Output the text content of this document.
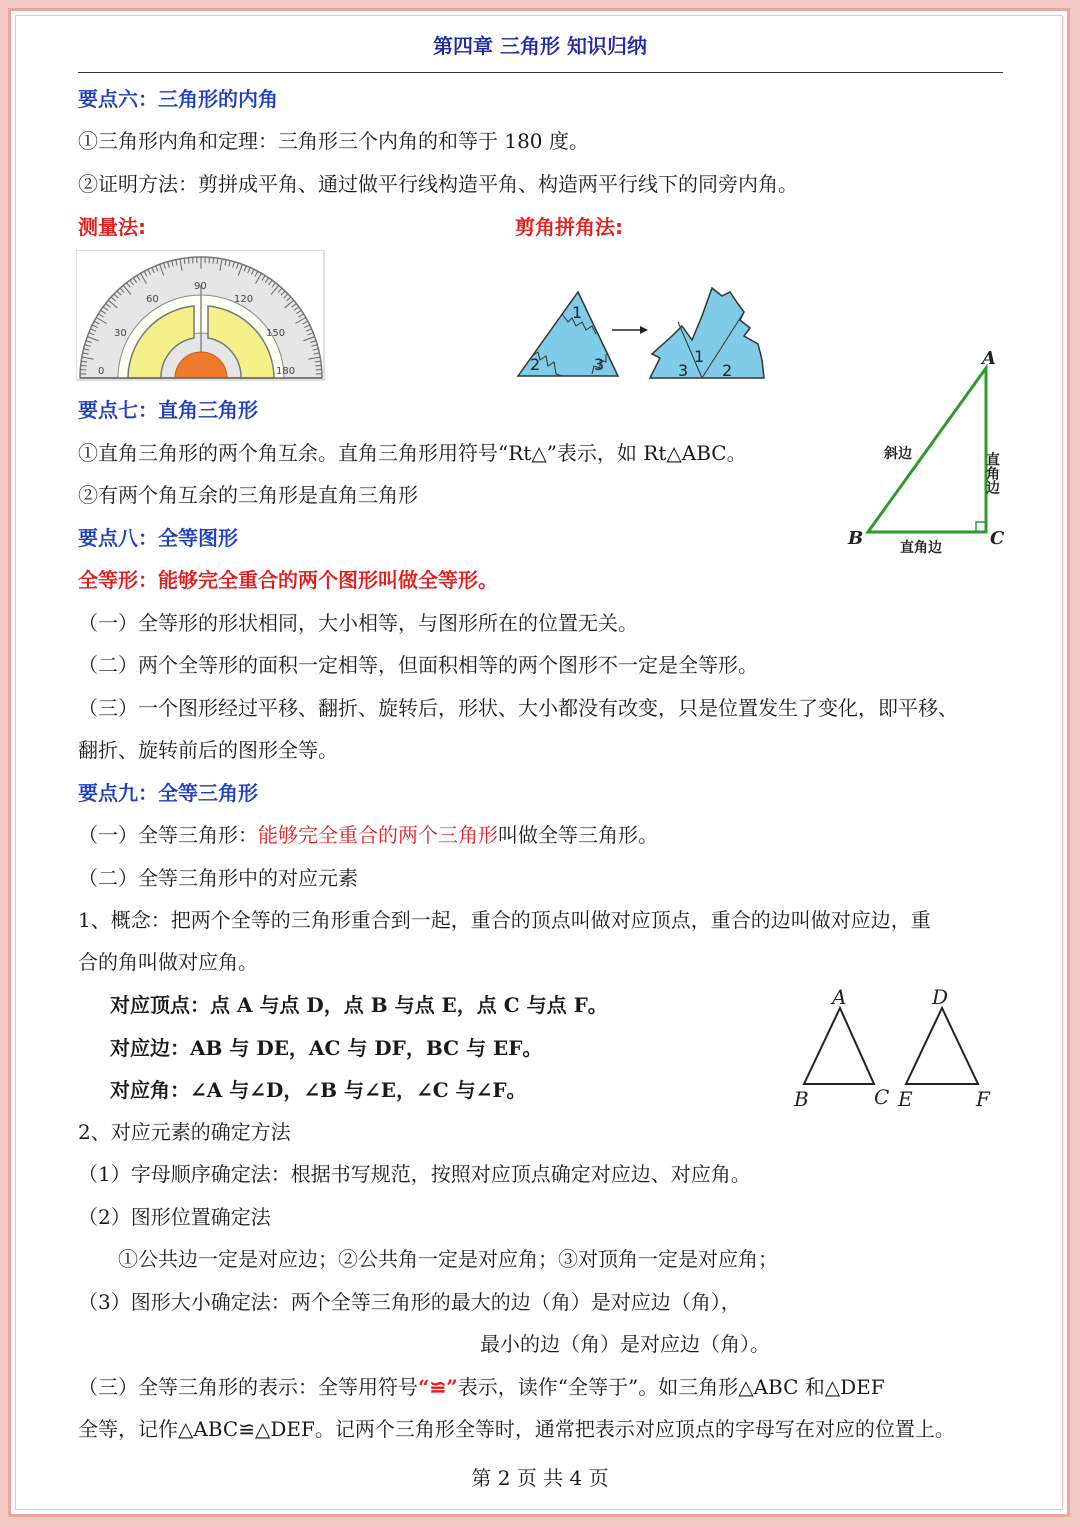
第四章 三角形 知识归纳
要点六：三角形的内角
①三角形内角和定理：三角形三个内角的和等于 180 度。
②证明方法：剪拼成平角、通过做平行线构造平角、构造两平行线下的同旁内角。
测量法:	剪角拼角法:
0
30
60
90
120
150
180
1
2	3	1
3 2
要点七：直角三角形
①直角三角形的两个角互余。直角三角形用符号“Rt△”表示，如 Rt△ABC。
②有两个角互余的三角形是直角三角形
A
B	C
斜边
直角边
直角边
要点八：全等图形
全等形：能够完全重合的两个图形叫做全等形。
（一）全等形的形状相同，大小相等，与图形所在的位置无关。
（二）两个全等形的面积一定相等，但面积相等的两个图形不一定是全等形。
（三）一个图形经过平移、翻折、旋转后，形状、大小都没有改变，只是位置发生了变化，即平移、
翻折、旋转前后的图形全等。
要点九：全等三角形
（一）全等三角形：能够完全重合的两个三角形叫做全等三角形。
（二）全等三角形中的对应元素
1、概念：把两个全等的三角形重合到一起，重合的顶点叫做对应顶点，重合的边叫做对应边，重
合的角叫做对应角。
对应顶点：点 A 与点 D，点 B 与点 E，点 C 与点 F。
对应边：AB 与 DE，AC 与 DF，BC 与 EF。
对应角：∠A 与∠D，∠B 与∠E，∠C 与∠F。
A
B	C
D
E	F
2、对应元素的确定方法
（1）字母顺序确定法：根据书写规范，按照对应顶点确定对应边、对应角。
（2）图形位置确定法
①公共边一定是对应边；②公共角一定是对应角；③对顶角一定是对应角；
（3）图形大小确定法：两个全等三角形的最大的边（角）是对应边（角），
最小的边（角）是对应边（角）。
（三）全等三角形的表示：全等用符号“≌”表示，读作“全等于”。如三角形△ABC 和△DEF
全等，记作△ABC≌△DEF。记两个三角形全等时，通常把表示对应顶点的字母写在对应的位置上。
第 2 页 共 4 页
